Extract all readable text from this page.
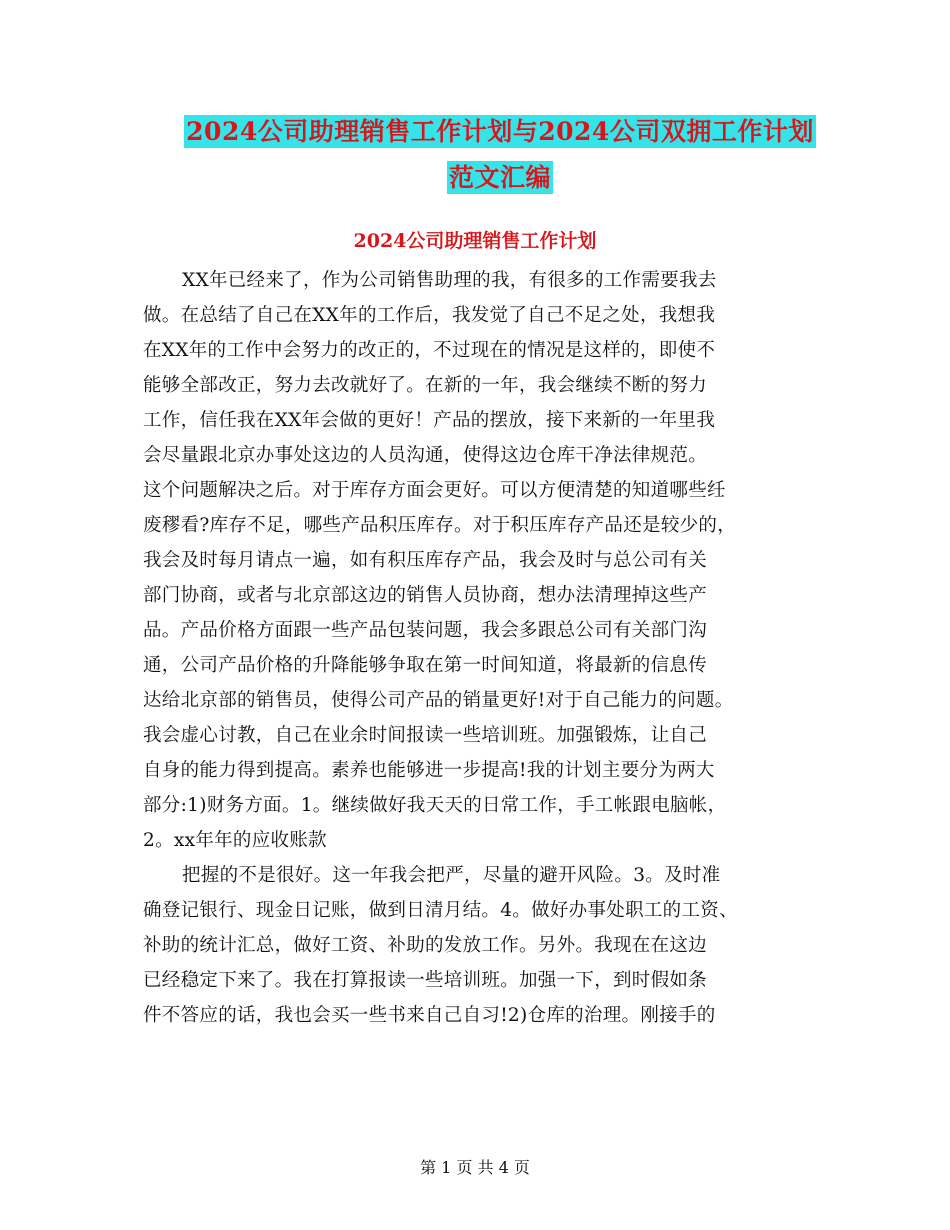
2024公司助理销售工作计划与2024公司双拥工作计划
范文汇编
2024公司助理销售工作计划
XX年已经来了，作为公司销售助理的我，有很多的工作需要我去
做。在总结了自己在XX年的工作后，我发觉了自己不足之处，我想我
在XX年的工作中会努力的改正的，不过现在的情况是这样的，即使不
能够全部改正，努力去改就好了。在新的一年，我会继续不断的努力
工作，信任我在XX年会做的更好！产品的摆放，接下来新的一年里我
会尽量跟北京办事处这边的人员沟通，使得这边仓库干净法律规范。
这个问题解决之后。对于库存方面会更好。可以方便清楚的知道哪些纴
废穋看?库存不足，哪些产品积压库存。对于积压库存产品还是较少的，
我会及时每月请点一遍，如有积压库存产品，我会及时与总公司有关
部门协商，或者与北京部这边的销售人员协商，想办法清理掉这些产
品。产品价格方面跟一些产品包装问题，我会多跟总公司有关部门沟
通，公司产品价格的升降能够争取在第一时间知道，将最新的信息传
达给北京部的销售员，使得公司产品的销量更好!对于自己能力的问题。
我会虚心讨教，自己在业余时间报读一些培训班。加强锻炼，让自己
自身的能力得到提高。素养也能够进一步提高!我的计划主要分为两大
部分:1)财务方面。1。继续做好我天天的日常工作，手工帐跟电脑帐，
2。xx年年的应收账款
把握的不是很好。这一年我会把严，尽量的避开风险。3。及时准
确登记银行、现金日记账，做到日清月结。4。做好办事处职工的工资、
补助的统计汇总，做好工资、补助的发放工作。另外。我现在在这边
已经稳定下来了。我在打算报读一些培训班。加强一下，到时假如条
件不答应的话，我也会买一些书来自己自习!2)仓库的治理。刚接手的
第 1 页 共 4 页
